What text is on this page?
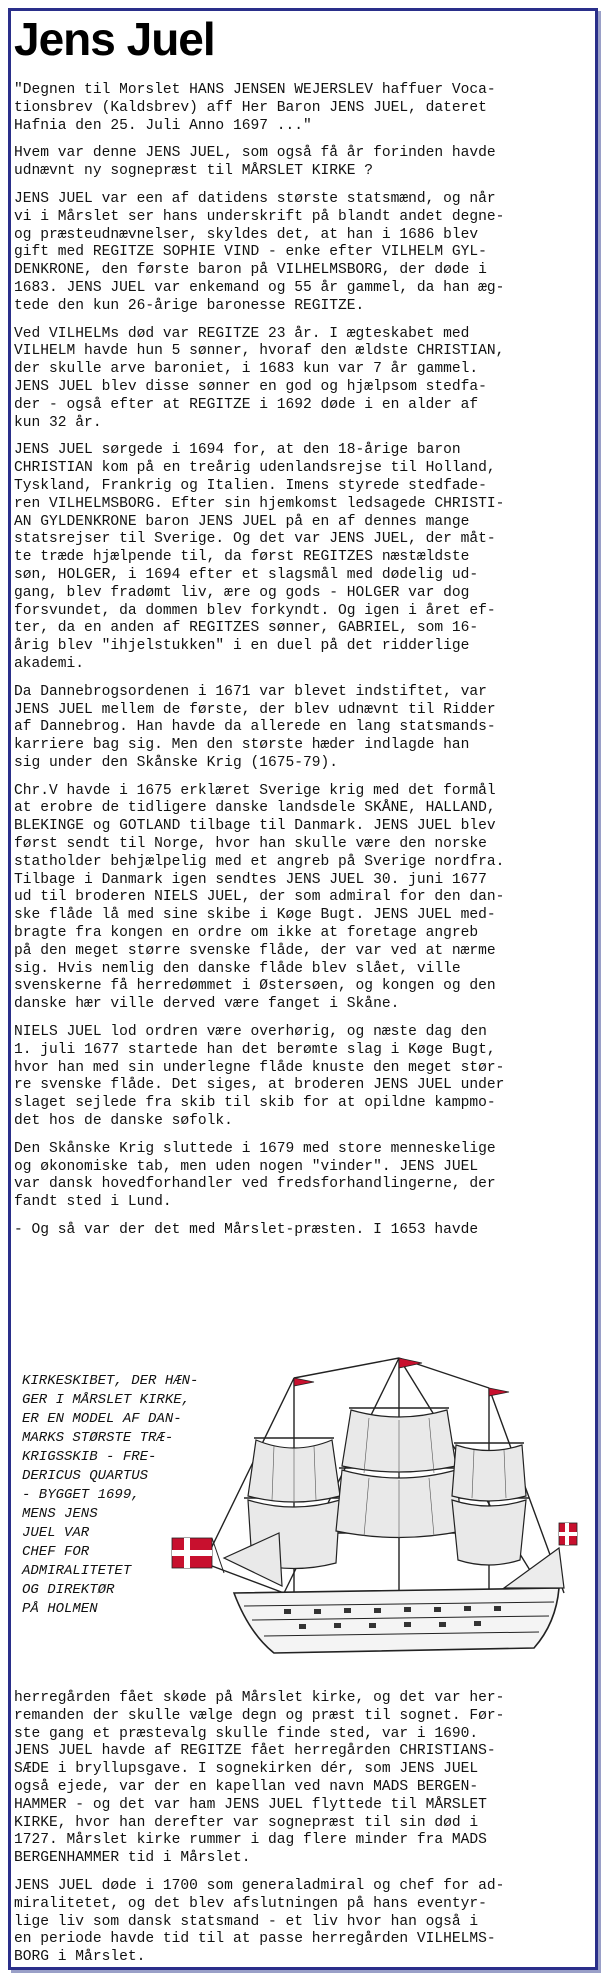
Jens Juel

"Degnen til Morslet HANS JENSEN WEJERSLEV haffuer Voca-
tionsbrev (Kaldsbrev) aff Her Baron JENS JUEL, dateret
Hafnia den 25. Juli Anno 1697 ..."

Hvem var denne JENS JUEL, som også få år forinden havde
udnævnt ny sognepræst til MÅRSLET KIRKE ?

JENS JUEL var een af datidens største statsmænd, og når
vi i Mårslet ser hans underskrift på blandt andet degne-
og præsteudnævnelser, skyldes det, at han i 1686 blev
gift med REGITZE SOPHIE VIND - enke efter VILHELM GYL-
DENKRONE, den første baron på VILHELMSBORG, der døde i
1683. JENS JUEL var enkemand og 55 år gammel, da han æg-
tede den kun 26-årige baronesse REGITZE.

Ved VILHELMs død var REGITZE 23 år. I ægteskabet med
VILHELM havde hun 5 sønner, hvoraf den ældste CHRISTIAN,
der skulle arve baroniet, i 1683 kun var 7 år gammel.
JENS JUEL blev disse sønner en god og hjælpsom stedfa-
der - også efter at REGITZE i 1692 døde i en alder af
kun 32 år.

JENS JUEL sørgede i 1694 for, at den 18-årige baron
CHRISTIAN kom på en treårig udenlandsrejse til Holland,
Tyskland, Frankrig og Italien. Imens styrede stedfade-
ren VILHELMSBORG. Efter sin hjemkomst ledsagede CHRISTI-
AN GYLDENKRONE baron JENS JUEL på en af dennes mange
statsrejser til Sverige. Og det var JENS JUEL, der måt-
te træde hjælpende til, da først REGITZES næstældste
søn, HOLGER, i 1694 efter et slagsmål med dødelig ud-
gang, blev fradømt liv, ære og gods - HOLGER var dog
forsvundet, da dommen blev forkyndt. Og igen i året ef-
ter, da en anden af REGITZES sønner, GABRIEL, som 16-
årig blev "ihjelstukken" i en duel på det ridderlige
akademi.

Da Dannebrogsordenen i 1671 var blevet indstiftet, var
JENS JUEL mellem de første, der blev udnævnt til Ridder
af Dannebrog. Han havde da allerede en lang statsmands-
karriere bag sig. Men den største hæder indlagde han
sig under den Skånske Krig (1675-79).

Chr.V havde i 1675 erklæret Sverige krig med det formål
at erobre de tidligere danske landsdele SKÅNE, HALLAND,
BLEKINGE og GOTLAND tilbage til Danmark. JENS JUEL blev
først sendt til Norge, hvor han skulle være den norske
statholder behjælpelig med et angreb på Sverige nordfra.
Tilbage i Danmark igen sendtes JENS JUEL 30. juni 1677
ud til broderen NIELS JUEL, der som admiral for den dan-
ske flåde lå med sine skibe i Køge Bugt. JENS JUEL med-
bragte fra kongen en ordre om ikke at foretage angreb
på den meget større svenske flåde, der var ved at nærme
sig. Hvis nemlig den danske flåde blev slået, ville
svenskerne få herredømmet i Østersøen, og kongen og den
danske hær ville derved være fanget i Skåne.

NIELS JUEL lod ordren være overhørig, og næste dag den
1. juli 1677 startede han det berømte slag i Køge Bugt,
hvor han med sin underlegne flåde knuste den meget stør-
re svenske flåde. Det siges, at broderen JENS JUEL under
slaget sejlede fra skib til skib for at opildne kampmo-
det hos de danske søfolk.

Den Skånske Krig sluttede i 1679 med store menneskelige
og økonomiske tab, men uden nogen "vinder". JENS JUEL
var dansk hovedforhandler ved fredsforhandlingerne, der
fandt sted i Lund.

- Og så var der det med Mårslet-præsten. I 1653 havde

KIRKESKIBET, DER HÆN-
GER I MÅRSLET KIRKE,
ER EN MODEL AF DAN-
MARKS STØRSTE TRÆ-
KRIGSSKIB - FRE-
DERICUS QUARTUS
- BYGGET 1699,
MENS JENS
JUEL VAR
CHEF FOR
ADMIRALITETET
OG DIREKTØR
PÅ HOLMEN

herregården fået skøde på Mårslet kirke, og det var her-
remanden der skulle vælge degn og præst til sognet. Før-
ste gang et præstevalg skulle finde sted, var i 1690.
JENS JUEL havde af REGITZE fået herregården CHRISTIANS-
SÆDE i bryllupsgave. I sognekirken dér, som JENS JUEL
også ejede, var der en kapellan ved navn MADS BERGEN-
HAMMER - og det var ham JENS JUEL flyttede til MÅRSLET
KIRKE, hvor han derefter var sognepræst til sin død i
1727. Mårslet kirke rummer i dag flere minder fra MADS
BERGENHAMMER tid i Mårslet.

JENS JUEL døde i 1700 som generaladmiral og chef for ad-
miralitetet, og det blev afslutningen på hans eventyr-
lige liv som dansk statsmand - et liv hvor han også i
en periode havde tid til at passe herregården VILHELMS-
BORG i Mårslet.
